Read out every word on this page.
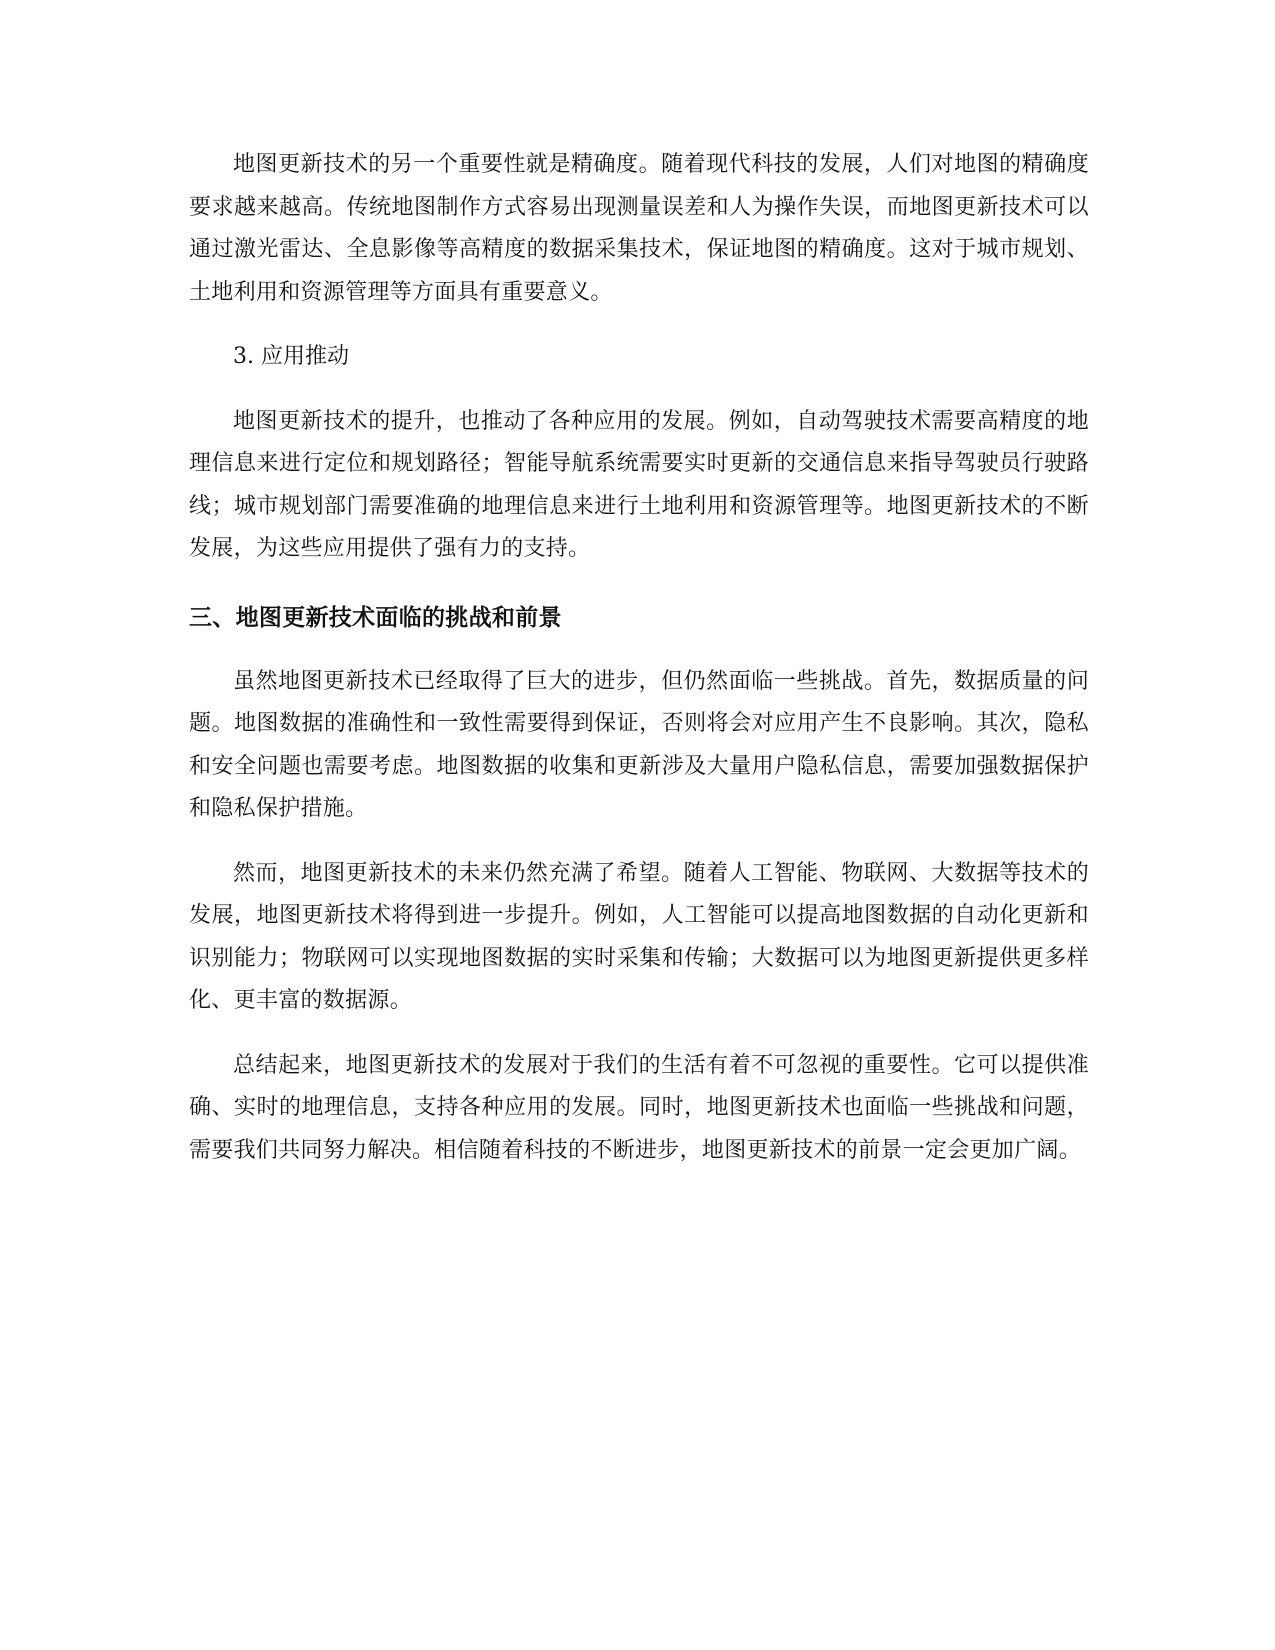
地图更新技术的另一个重要性就是精确度。随着现代科技的发展，人们对地图的精确度要求越来越高。传统地图制作方式容易出现测量误差和人为操作失误，而地图更新技术可以通过激光雷达、全息影像等高精度的数据采集技术，保证地图的精确度。这对于城市规划、土地利用和资源管理等方面具有重要意义。

3. 应用推动

地图更新技术的提升，也推动了各种应用的发展。例如，自动驾驶技术需要高精度的地理信息来进行定位和规划路径；智能导航系统需要实时更新的交通信息来指导驾驶员行驶路线；城市规划部门需要准确的地理信息来进行土地利用和资源管理等。地图更新技术的不断发展，为这些应用提供了强有力的支持。

三、地图更新技术面临的挑战和前景

虽然地图更新技术已经取得了巨大的进步，但仍然面临一些挑战。首先，数据质量的问题。地图数据的准确性和一致性需要得到保证，否则将会对应用产生不良影响。其次，隐私和安全问题也需要考虑。地图数据的收集和更新涉及大量用户隐私信息，需要加强数据保护和隐私保护措施。

然而，地图更新技术的未来仍然充满了希望。随着人工智能、物联网、大数据等技术的发展，地图更新技术将得到进一步提升。例如，人工智能可以提高地图数据的自动化更新和识别能力；物联网可以实现地图数据的实时采集和传输；大数据可以为地图更新提供更多样化、更丰富的数据源。

总结起来，地图更新技术的发展对于我们的生活有着不可忽视的重要性。它可以提供准确、实时的地理信息，支持各种应用的发展。同时，地图更新技术也面临一些挑战和问题，需要我们共同努力解决。相信随着科技的不断进步，地图更新技术的前景一定会更加广阔。
